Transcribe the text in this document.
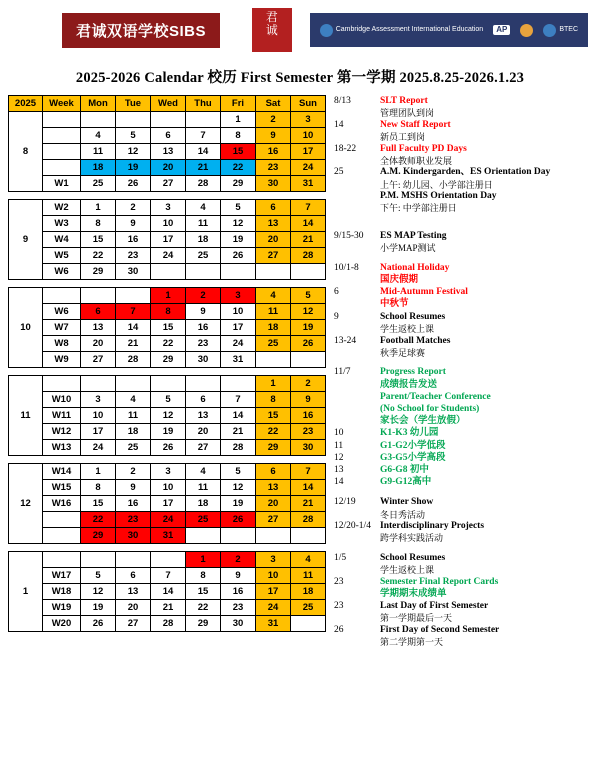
君诚双语学校SIBS
君
诚	Cambridge Assessment International Education	AP	BTEC
2025-2026 Calendar 校历 First Semester 第一学期 2025.8.25-2026.1.23
2025	Week	Mon	Tue	Wed	Thu	Fri	Sat	Sun
8						1	2	3
		4	5	6	7	8	9	10
		11	12	13	14	15	16	17
		18	19	20	21	22	23	24
	W1	25	26	27	28	29	30	31
9	W2	1	2	3	4	5	6	7
	W3	8	9	10	11	12	13	14
	W4	15	16	17	18	19	20	21
	W5	22	23	24	25	26	27	28
	W6	29	30					
10				1	2	3	4	5
	W6	6	7	8	9	10	11	12
	W7	13	14	15	16	17	18	19
	W8	20	21	22	23	24	25	26
	W9	27	28	29	30	31		
11							1	2
	W10	3	4	5	6	7	8	9
	W11	10	11	12	13	14	15	16
	W12	17	18	19	20	21	22	23
	W13	24	25	26	27	28	29	30
12	W14	1	2	3	4	5	6	7
	W15	8	9	10	11	12	13	14
	W16	15	16	17	18	19	20	21
		22	23	24	25	26	27	28
		29	30	31				
1					1	2	3	4
	W17	5	6	7	8	9	10	11
	W18	12	13	14	15	16	17	18
	W19	19	20	21	22	23	24	25
	W20	26	27	28	29	30	31	
8/13	SLT Report
管理团队到岗
14	New Staff Report
新员工到岗
18-22	Full Faculty PD Days
全体教师职业发展
25	A.M. Kindergarden、ES Orientation Day
上午: 幼儿园、小学部注册日
P.M. MSHS Orientation Day
下午: 中学部注册日
9/15-30	ES MAP Testing
小学MAP测试
10/1-8	National Holiday
国庆假期
6	Mid-Autumn Festival
中秋节
9	School Resumes
学生返校上课
13-24	Football Matches
秋季足球赛
11/7	Progress Report
成绩报告发送
Parent/Teacher Conference
(No School for Students)
家长会（学生放假）
10	K1-K3 幼儿园
11	G1-G2小学低段
12	G3-G5小学高段
13	G6-G8 初中
14	G9-G12高中
12/19	Winter Show
冬日秀活动
12/20-1/4 Interdisciplinary Projects
跨学科实践活动
1/5	School Resumes
学生返校上课
23	Semester Final Report Cards
学期期末成绩单
23	Last Day of First Semester
第一学期最后一天
26	First Day of Second Semester
第二学期第一天
